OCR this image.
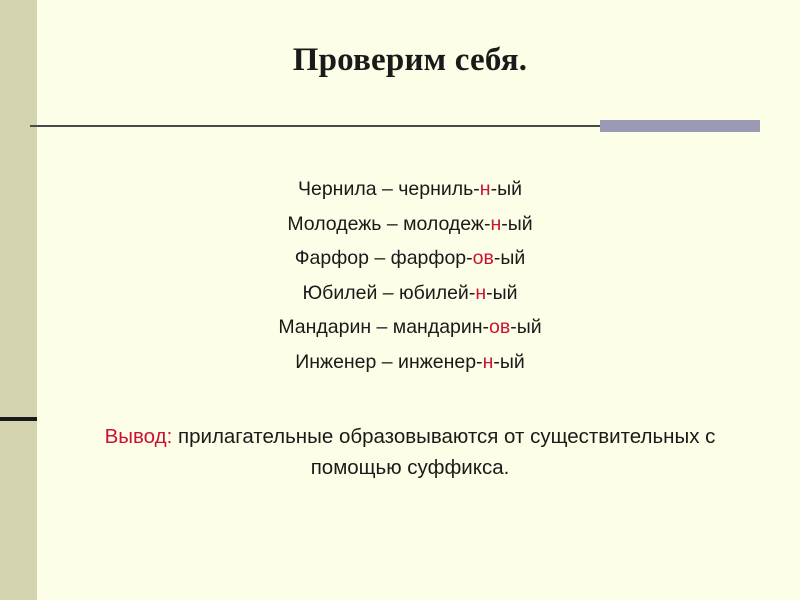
Проверим себя.
Чернила – черниль-н-ый
Молодежь – молодеж-н-ый
Фарфор – фарфор-ов-ый
Юбилей – юбилей-н-ый
Мандарин – мандарин-ов-ый
Инженер – инженер-н-ый
Вывод: прилагательные образовываются от существительных с помощью суффикса.
